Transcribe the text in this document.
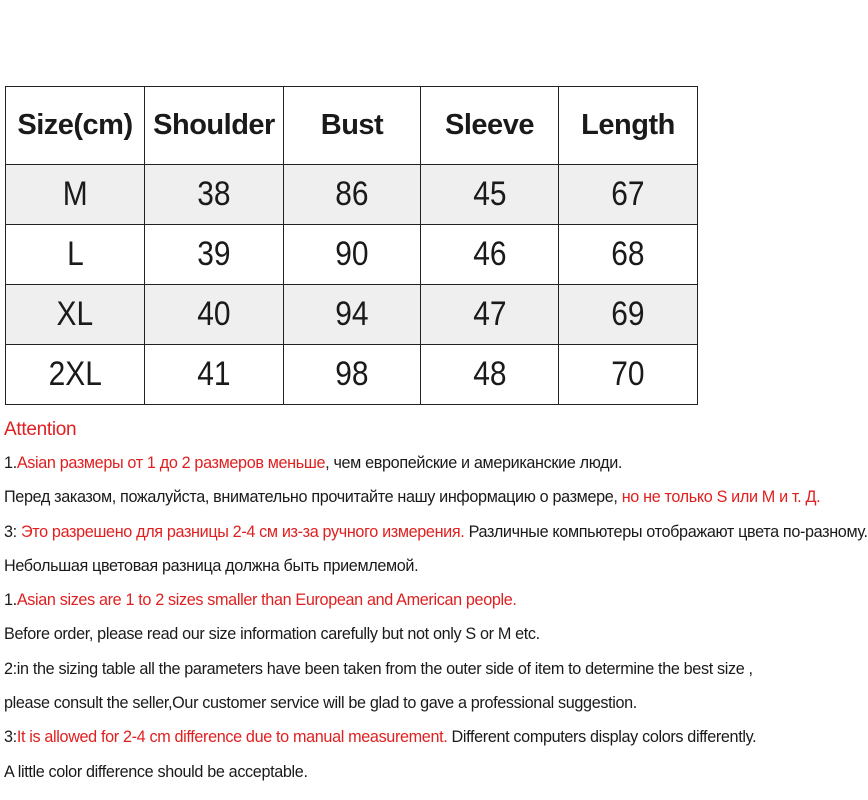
Size(cm)	Shoulder	Bust	Sleeve	Length
M	38	86	45	67
L	39	90	46	68
XL	40	94	47	69
2XL	41	98	48	70
Attention
1.Asian размеры от 1 до 2 размеров меньше, чем европейские и американские люди.
Перед заказом, пожалуйста, внимательно прочитайте нашу информацию о размере, но не только S или M и т. Д.
3: Это разрешено для разницы 2-4 см из-за ручного измерения. Различные компьютеры отображают цвета по-разному.
Небольшая цветовая разница должна быть приемлемой.
1.Asian sizes are 1 to 2 sizes smaller than European and American people.
Before order, please read our size information carefully but not only S or M etc.
2:in the sizing table all the parameters have been taken from the outer side of item to determine the best size ,
please consult the seller,Our customer service will be glad to gave a professional suggestion.
3:It is allowed for 2-4 cm difference due to manual measurement. Different computers display colors differently.
A little color difference should be acceptable.
